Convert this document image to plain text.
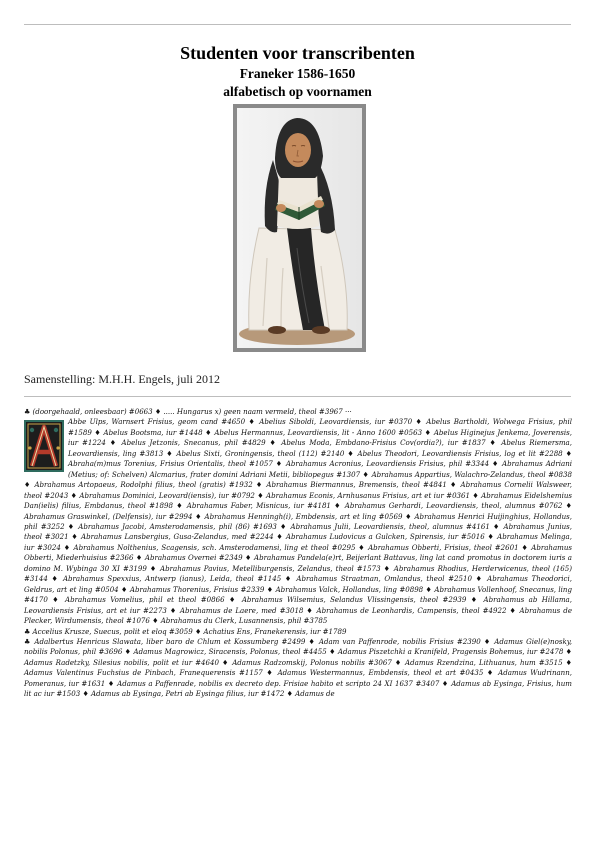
Studenten voor transcribenten
Franeker 1586-1650
alfabetisch op voornamen
Samenstelling: M.H.H. Engels, juli 2012

♣ (doorgehaald, onleesbaar) #0663 ♦ ..... Hungarus x) geen naam vermeld, theol #3967 ···

Abbe Ulps, Warnsert Frisius, geom cand #4650 ♦ Abelius Siboldi, Leovardiensis, iur #0370 ♦ Abelus Bartholdi, Wolwega Frisius, phil #1589 ♦ Abelus Bootsma, iur #1448 ♦ Abelus Hermannus, Leovardiensis, lit - Anno 1600 #0563 ♦ Abelus Higinejus Jenkema, Joverensis, iur #1224 ♦ Abelus Jetzonis, Snecanus, phil #4829 ♦ Abelus Moda, Embdano-Frisius Cov(ordia?), iur #1837 ♦ Abelus Riemersma, Leovardiensis, ling #3813 ♦ Abelus Sixti, Groningensis, theol (112) #2140 ♦ Abelus Theodori, Leovardiensis Frisius, log et lit #2288 ♦ Abraha(m)mus Torenius, Frisius Orientalis, theol #1057 ♦ Abrahamus Acronius, Leovardiensis Frisius, phil #3344 ♦ Abrahamus Adriani (Metius; of: Schelven) Alcmarius, frater domini Adriani Metii, bibliopegus #1307 ♦ Abrahamus Appartius, Walachro-Zelandus, theol #0838 ♦ Abrahamus Artopaeus, Rodolphi filius, theol (gratis) #1932 ♦ Abrahamus Biermannus, Bremensis, theol #4841 ♦ Abrahamus Cornelii Walsweer, theol #2043 ♦ Abrahamus Dominici, Leovard(iensis), iur #0792 ♦ Abrahamus Econis, Arnhusanus Frisius, art et iur #0361 ♦ Abrahamus Eidelshemius Dan(ielis) filius, Embdanus, theol #1898 ♦ Abrahamus Faber, Misnicus, iur #4181 ♦ Abrahamus Gerhardi, Leovardiensis, theol, alumnus #0762 ♦ Abrahamus Graswinkel, (Delfensis), iur #2994 ♦ Abrahamus Henningh(i), Embdensis, art et ling #0569 ♦ Abrahamus Henrici Huijinghius, Hollandus, phil #3252 ♦ Abrahamus Jacobi, Amsterodamensis, phil (86) #1693 ♦ Abrahamus Julii, Leovardiensis, theol, alumnus #4161 ♦ Abrahamus Junius, theol #3021 ♦ Abrahamus Lansbergius, Gusa-Zelandus, med #2244 ♦ Abrahamus Ludovicus a Gulcken, Spirensis, iur #5016 ♦ Abrahamus Melinga, iur #3024 ♦ Abrahamus Nolthenius, Scagensis, sch. Amsterodamensi, ling et theol #0295 ♦ Abrahamus Obberti, Frisius, theol #2601 ♦ Abrahamus Obberti, Miederhuisius #2366 ♦ Abrahamus Overnei #2349 ♦ Abrahamus Pandela(e)rt, Beijerlant Battavus, ling lat cand promotus in doctorem iuris a domino M. Wybinga 30 XI #3199 ♦ Abrahamus Pavius, Metelliburgensis, Zelandus, theol #1573 ♦ Abrahamus Rhodius, Herderwicenus, theol (165) #3144 ♦ Abrahamus Spexxius, Antwerp (ianus), Leida, theol #1145 ♦ Abrahamus Straatman, Omlandus, theol #2510 ♦ Abrahamus Theodorici, Geldrus, art et ling #0504 ♦ Abrahamus Thorenius, Frisius #2339 ♦ Abrahamus Valck, Hollandus, ling #0898 ♦ Abrahamus Vollenhoof, Snecanus, ling #4170 ♦ Abrahamus Vomelius, phil et theol #0866 ♦ Abrahamus Wilsemius, Selandus Vlissingensis, theol #2939 ♦ Abrahamus ab Hillama, Leovardiensis Frisius, art et iur #2273 ♦ Abrahamus de Laere, med #3018 ♦ Abrahamus de Leonhardis, Campensis, theol #4922 ♦ Abrahamus de Plecker, Wirdumensis, theol #1076 ♦ Abrahamus du Clerk, Lusannensis, phil #3785

♣ Accelius Krusze, Suecus, polit et eloq #3059 ♦ Achatius Ens, Franekerensis, iur #1789

♣ Adalbertus Henricus Slawata, liber baro de Chlum et Kossumberg #2499 ♦ Adam van Paffenrode, nobilis Frisius #2390 ♦ Adamus Giel(e)nosky, nobilis Polonus, phil #3696 ♦ Adamus Magrowicz, Siracensis, Polonus, theol #4455 ♦ Adamus Piszetchki a Kranifeld, Pragensis Bohemus, iur #2478 ♦ Adamus Radetzky, Silesius nobilis, polit et iur #4640 ♦ Adamus Radzomskij, Polonus nobilis #3067 ♦ Adamus Rzendzina, Lithuanus, hum #3515 ♦ Adamus Valentinus Fuchsius de Pinbach, Franequerensis #1157 ♦ Adamus Westermannus, Embdensis, theol et art #0435 ♦ Adamus Wudrinann, Pomeranus, iur #1631 ♦ Adamus a Paffenrade, nobilis ex decreto dep. Frisiae habito et scripto 24 XI 1637 #3407 ♦ Adamus ab Eysinga, Frisius, hum lit ac iur #1503 ♦ Adamus ab Eysinga, Petri ab Eysinga filius, iur #1472 ♦ Adamus de
